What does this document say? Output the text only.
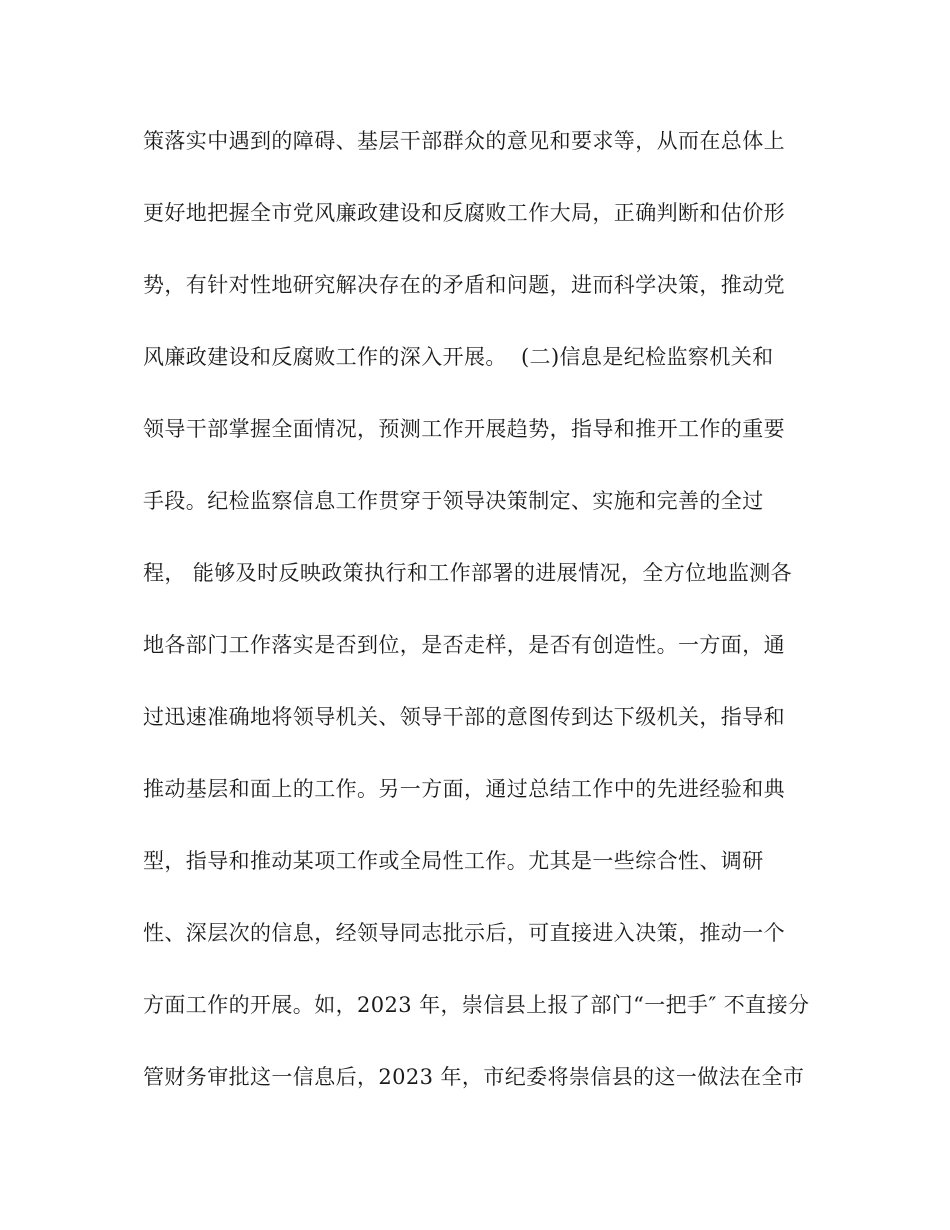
策落实中遇到的障碍、基层干部群众的意见和要求等，从而在总体上
更好地把握全市党风廉政建设和反腐败工作大局，正确判断和估价形
势，有针对性地研究解决存在的矛盾和问题，进而科学决策，推动党
风廉政建设和反腐败工作的深入开展。  (二)信息是纪检监察机关和
领导干部掌握全面情况，预测工作开展趋势，指导和推开工作的重要
手段。纪检监察信息工作贯穿于领导决策制定、实施和完善的全过
程， 能够及时反映政策执行和工作部署的进展情况，全方位地监测各
地各部门工作落实是否到位，是否走样，是否有创造性。一方面，通
过迅速准确地将领导机关、领导干部的意图传到达下级机关，指导和
推动基层和面上的工作。另一方面，通过总结工作中的先进经验和典
型，指导和推动某项工作或全局性工作。尤其是一些综合性、调研
性、深层次的信息，经领导同志批示后，可直接进入决策，推动一个
方面工作的开展。如，2023 年，崇信县上报了部门“一把手″ 不直接分
管财务审批这一信息后，2023 年，市纪委将崇信县的这一做法在全市
